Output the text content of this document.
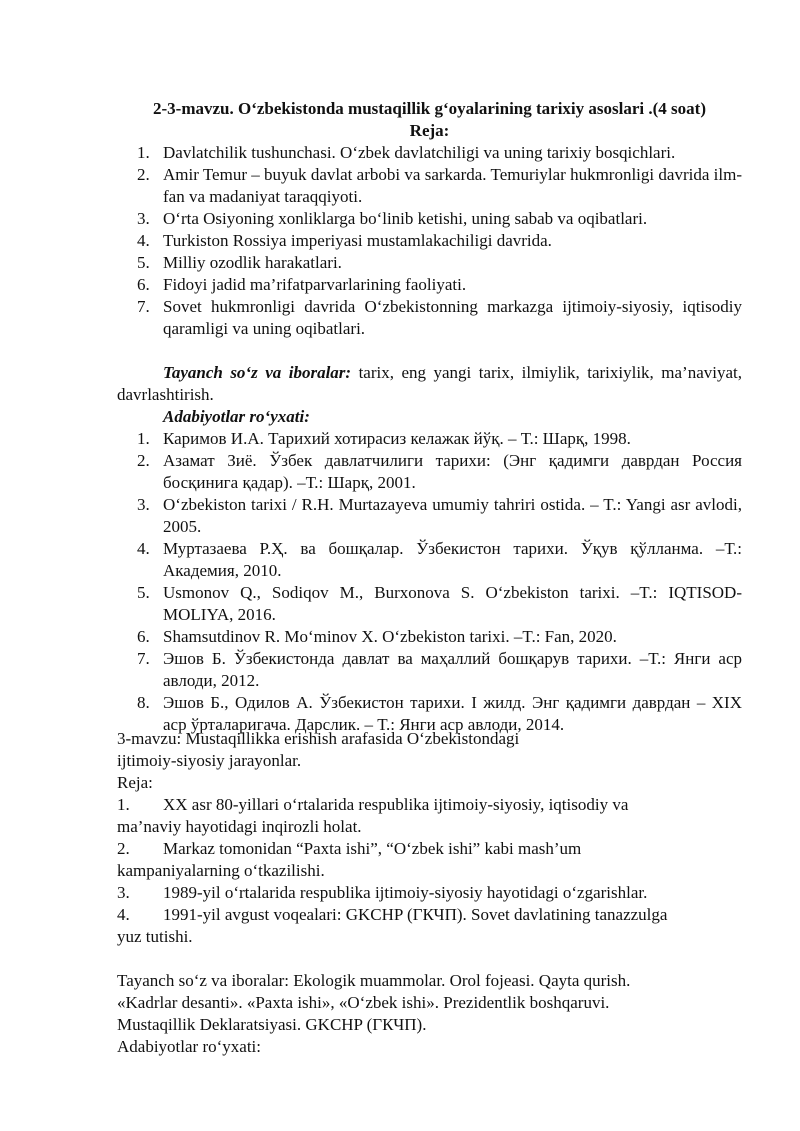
2-3-mavzu. O‘zbekistonda mustaqillik g‘oyalarining tarixiy asoslari .(4 soat)

Reja:

1. Davlatchilik tushunchasi. O‘zbek davlatchiligi va uning tarixiy bosqichlari.
2. Amir Temur – buyuk davlat arbobi va sarkarda. Temuriylar hukmronligi davrida ilm-fan va madaniyat taraqqiyoti.
3. O‘rta Osiyoning xonliklarga bo‘linib ketishi, uning sabab va oqibatlari.
4. Turkiston Rossiya imperiyasi mustamlakachiligi davrida.
5. Milliy ozodlik harakatlari.
6. Fidoyi jadid ma’rifatparvarlarining faoliyati.
7. Sovet hukmronligi davrida O‘zbekistonning markazga ijtimoiy-siyosiy, iqtisodiy qaramligi va uning oqibatlari.

Tayanch so‘z va iboralar: tarix, eng yangi tarix, ilmiylik, tarixiylik, ma’naviyat, davrlashtirish.

Adabiyotlar ro‘yxati:

1. Каримов И.А. Тарихий хотирасиз келажак йўқ. – Т.: Шарқ, 1998.
2. Азамат Зиё. Ўзбек давлатчилиги тарихи: (Энг қадимги даврдан Россия босқинига қадар). –Т.: Шарқ, 2001.
3. O‘zbekiston tarixi / R.H. Murtazayeva umumiy tahriri ostida. – T.: Yangi asr avlodi, 2005.
4. Муртазаева Р.Ҳ. ва бошқалар. Ўзбекистон тарихи. Ўқув қўлланма. –Т.: Академия, 2010.
5. Usmonov Q., Sodiqov M., Burxonova S. O‘zbekiston tarixi. –T.: IQTISOD-MOLIYA, 2016.
6. Shamsutdinov R. Mo‘minov X. O‘zbekiston tarixi. –T.: Fan, 2020.
7. Эшов Б. Ўзбекистонда давлат ва маҳаллий бошқарув тарихи. –Т.: Янги аср авлоди, 2012.
8. Эшов Б., Одилов А. Ўзбекистон тарихи. I жилд. Энг қадимги даврдан – XIX аср ўрталаригача. Дарслик. – Т.: Янги аср авлоди, 2014.

3-mavzu: Mustaqillikka erishish arafasida O‘zbekistondagi

ijtimoiy-siyosiy jarayonlar.

Reja:

1. XX asr 80-yillari o‘rtalarida respublika ijtimoiy-siyosiy, iqtisodiy va

ma’naviy hayotidagi inqirozli holat.

2. Markaz tomonidan “Paxta ishi”, “O‘zbek ishi” kabi mash’um

kampaniyalarning o‘tkazilishi.

3. 1989-yil o‘rtalarida respublika ijtimoiy-siyosiy hayotidagi o‘zgarishlar.

4. 1991-yil avgust voqealari: GKCHP (ГКЧП). Sovet davlatining tanazzulga

yuz tutishi.

Tayanch so‘z va iboralar: Ekologik muammolar. Orol fojeasi. Qayta qurish.

«Kadrlar desanti». «Paxta ishi», «O‘zbek ishi». Prezidentlik boshqaruvi.

Mustaqillik Deklaratsiyasi. GKCHP (ГКЧП).

Adabiyotlar ro‘yxati:
